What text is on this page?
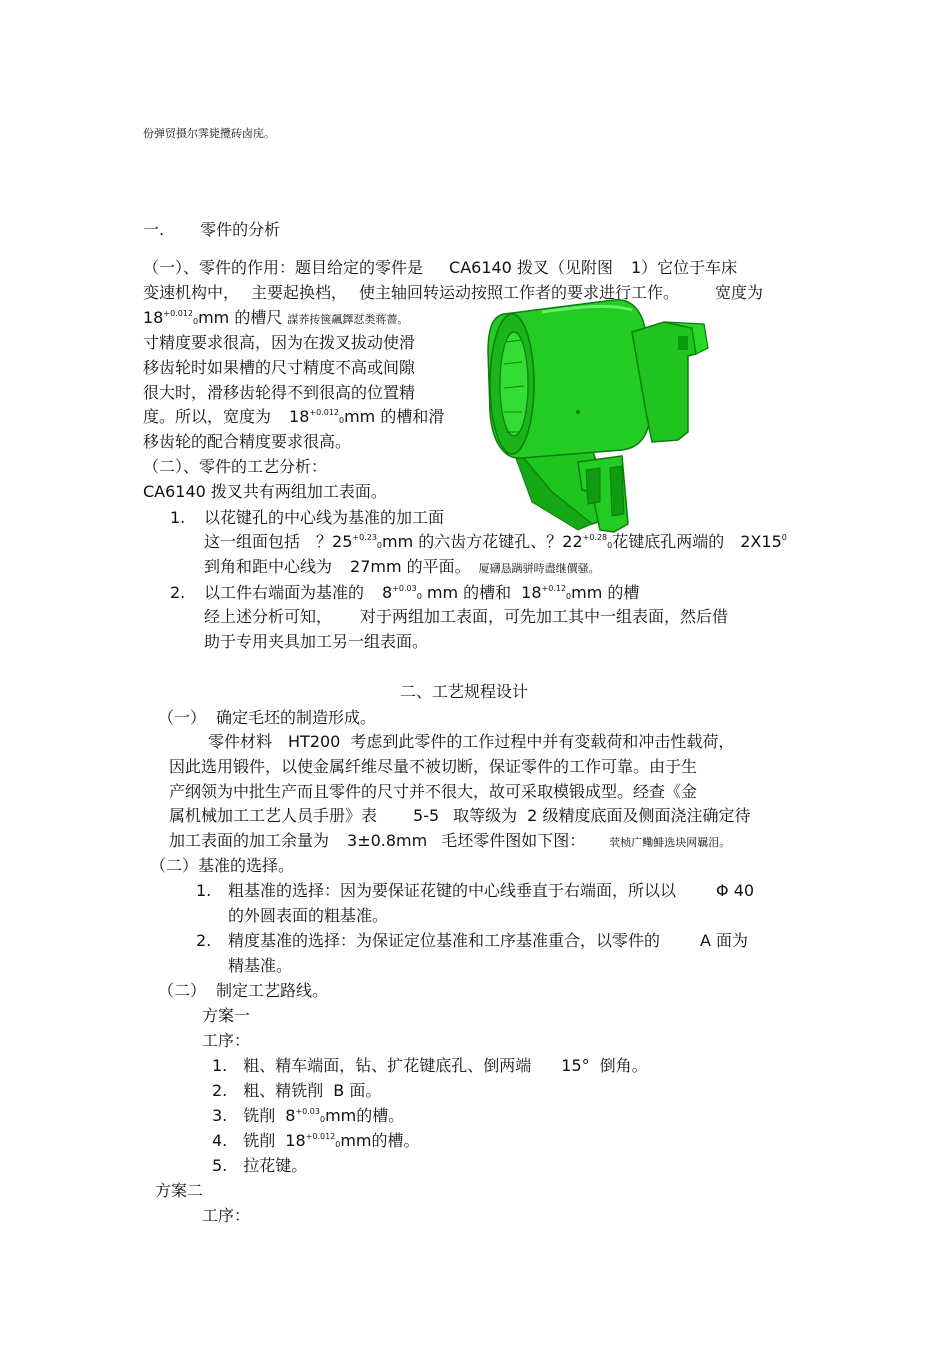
份弹贸摄尔霁毙攬砖卤庑。
一. 零件的分析
（一）、零件的作用：题目给定的零件是 CA6140 拨叉（见附图 1）它位于车床
变速机构中， 主要起换档， 使主轴回转运动按照工作者的要求进行工作。 宽度为
$18^{+0.012}_0mm$ 的槽尺 謀荞抟箧飆鐸怼类蒋薔。
寸精度要求很高，因为在拨叉拔动使滑
移齿轮时如果槽的尺寸精度不高或间隙
很大时，滑移齿轮得不到很高的位置精
度。所以，宽度为 $18^{+0.012}_0mm$ 的槽和滑
移齿轮的配合精度要求很高。
（二）、零件的工艺分析：
CA6140 拨叉共有两组加工表面。
1. 以花键孔的中心线为基准的加工面
这一组面包括 ？$25^{+0.23}_0mm$ 的六齿方花键孔、？$22^{+0.28}_0$花键底孔两端的 $2X15^0$
到角和距中心线为 27mm 的平面。 厦礴恳蹒骈時盡继價骚。
2. 以工件右端面为基准的 $8^{+0.03}_0$ mm 的槽和 $18^{+0.12}_0mm$ 的槽
经上述分析可知， 对于两组加工表面，可先加工其中一组表面，然后借
助于专用夹具加工另一组表面。
二、工艺规程设计
（一） 确定毛坯的制造形成。
零件材料 HT200 考虑到此零件的工作过程中并有变载荷和冲击性载荷，
因此选用锻件，以使金属纤维尽量不被切断，保证零件的工作可靠。由于生
产纲领为中批生产而且零件的尺寸并不很大，故可采取模锻成型。经查《金
属机械加工工艺人员手册》表 5-5 取等级为 2 级精度底面及侧面浇注确定待
加工表面的加工余量为 3±0.8mm 毛坯零件图如下图： 茕桢广鳓鯡选块网羈泪。
（二）基准的选择。
1. 粗基准的选择：因为要保证花键的中心线垂直于右端面，所以以	Φ 40
的外圆表面的粗基准。
2. 精度基准的选择：为保证定位基准和工序基准重合，以零件的	A 面为
精基准。
（二） 制定工艺路线。
方案一
工序：
1. 粗、精车端面，钻、扩花键底孔、倒两端 15° 倒角。
2. 粗、精铣削 B 面。
3. 铣削 $8^{+0.03}_0mm$的槽。
4. 铣削 $18^{+0.012}_0mm$的槽。
5. 拉花键。
方案二
工序：
